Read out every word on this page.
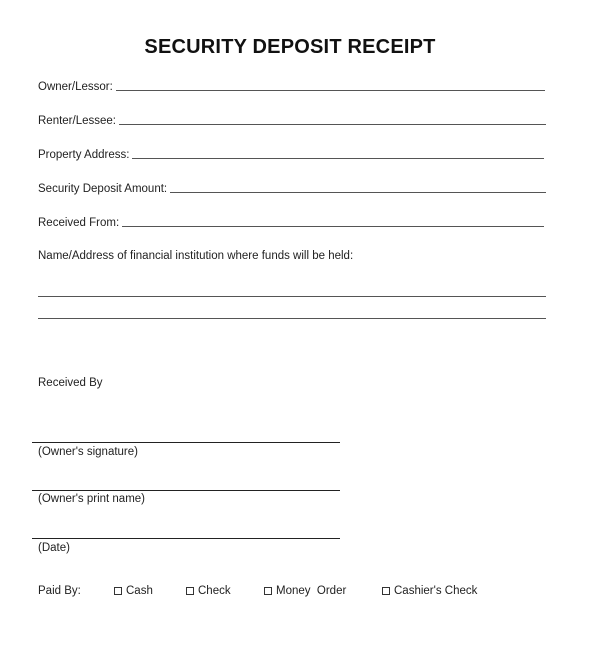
SECURITY DEPOSIT RECEIPT
Owner/Lessor:
Renter/Lessee:
Property Address:
Security Deposit Amount:
Received From:
Name/Address of financial institution where funds will be held:
Received By
(Owner's signature)
(Owner's print name)
(Date)
Paid By:	Cash	Check	Money  Order	Cashier's Check
